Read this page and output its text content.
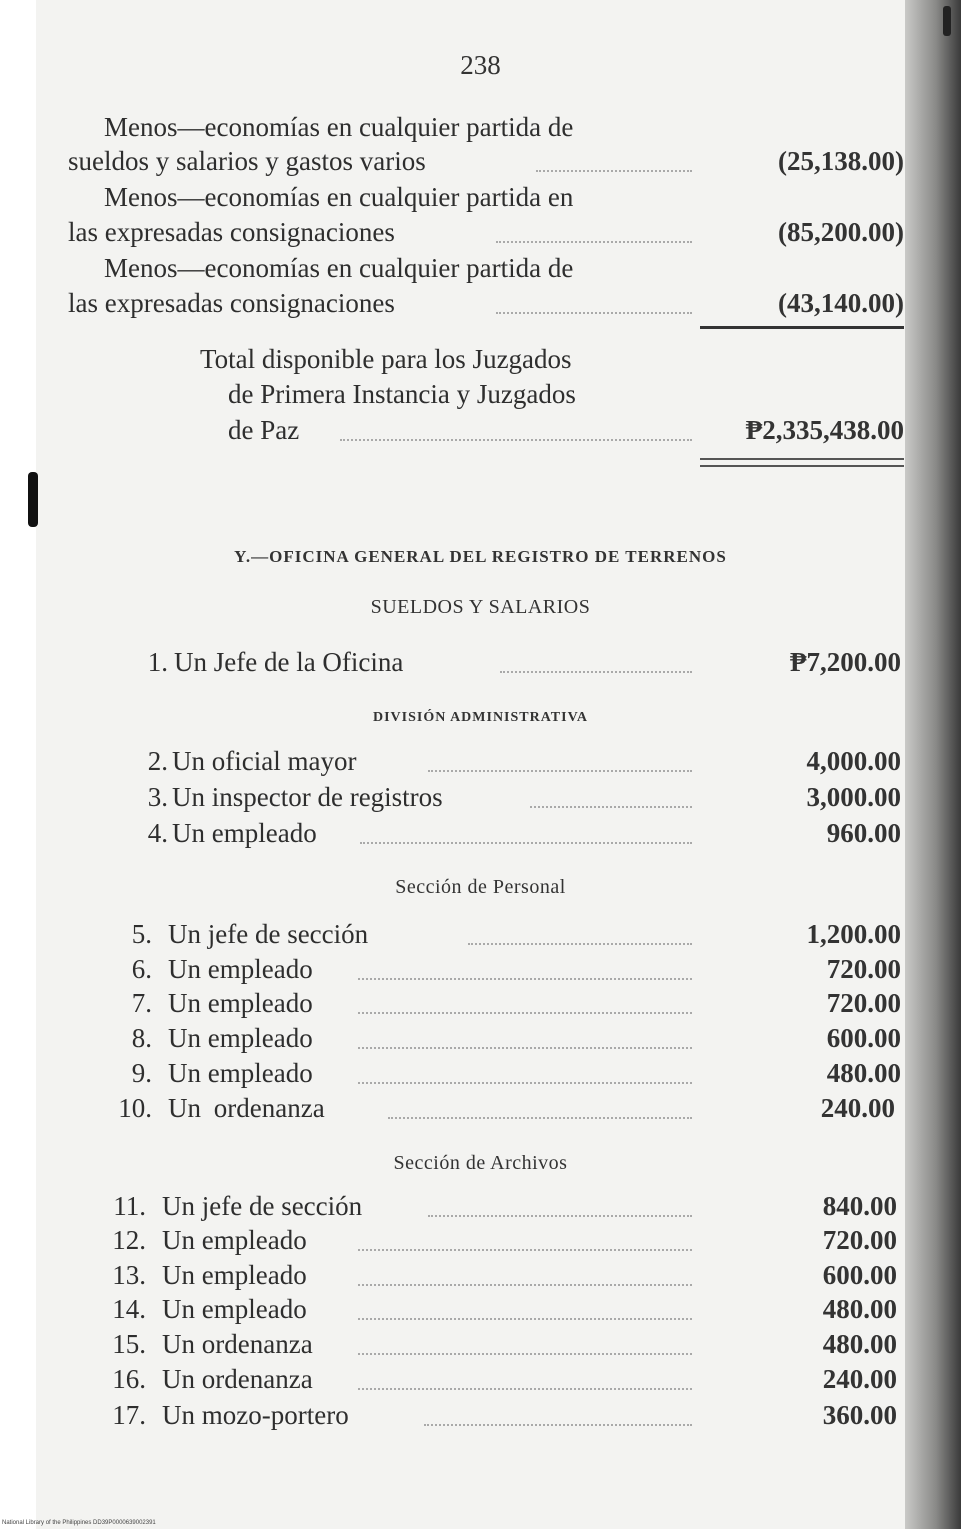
238
Menos—economías en cualquier partida de
sueldos y salarios y gastos varios	(25,138.00)
Menos—economías en cualquier partida en
las expresadas consignaciones	(85,200.00)
Menos—economías en cualquier partida de
las expresadas consignaciones	(43,140.00)
Total disponible para los Juzgados
de Primera Instancia y Juzgados
de Paz	₱2,335,438.00
Y.—OFICINA GENERAL DEL REGISTRO DE TERRENOS
SUELDOS Y SALARIOS
1. Un Jefe de la Oficina	₱7,200.00
DIVISIÓN ADMINISTRATIVA
2. Un oficial mayor	4,000.00
3. Un inspector de registros	3,000.00
4. Un empleado	960.00
Sección de Personal
5. Un jefe de sección	1,200.00
6. Un empleado	720.00
7. Un empleado	720.00
8. Un empleado	600.00
9. Un empleado	480.00
10. Un ordenanza	240.00
Sección de Archivos
11. Un jefe de sección	840.00
12. Un empleado	720.00
13. Un empleado	600.00
14. Un empleado	480.00
15. Un ordenanza	480.00
16. Un ordenanza	240.00
17. Un mozo-portero	360.00
National Library of the Philippines DD39P0000639002391
